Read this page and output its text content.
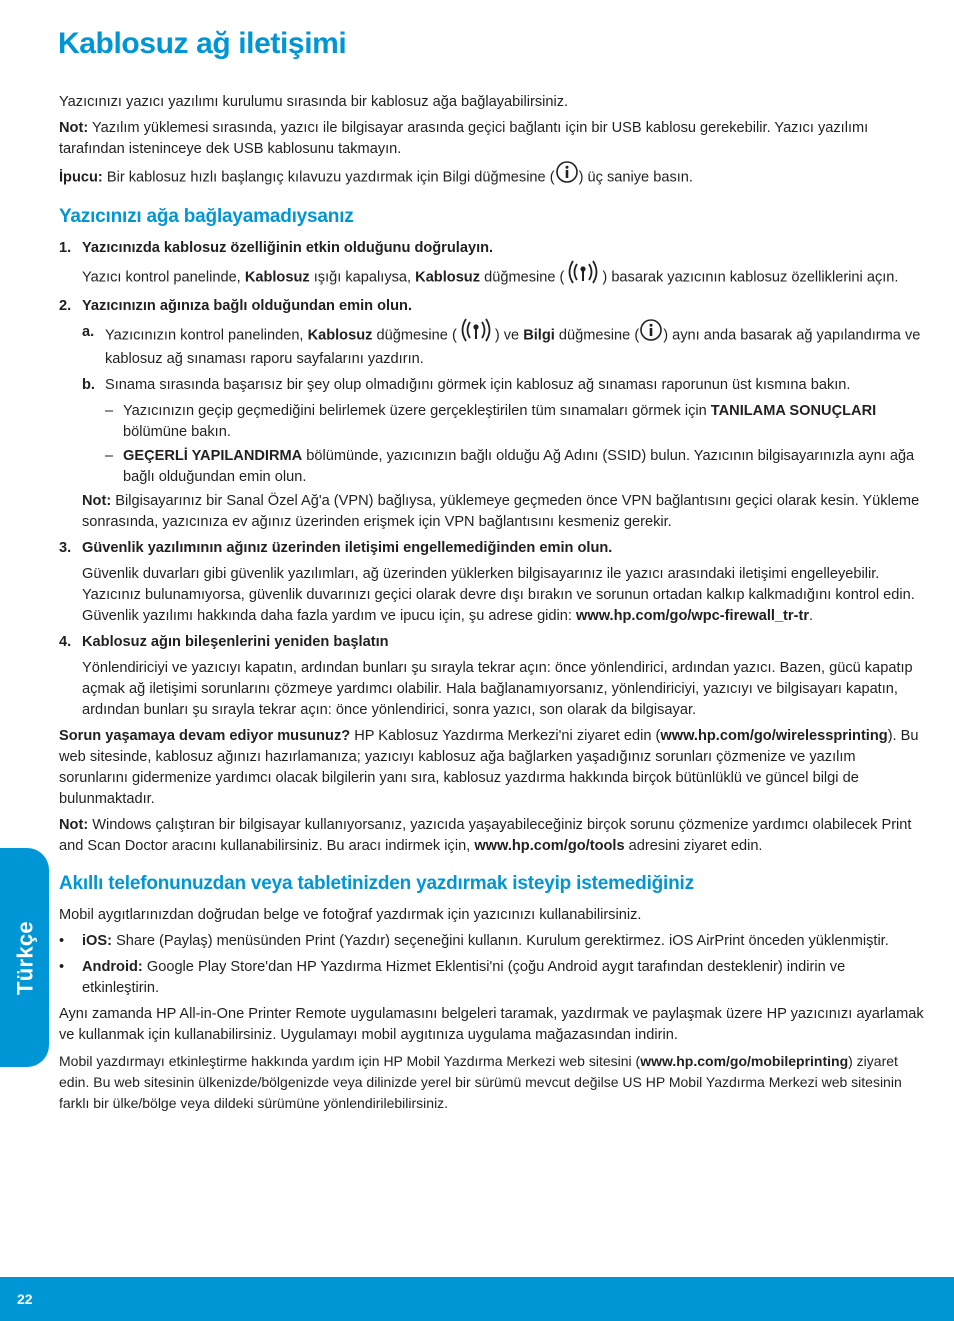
Kablosuz ağ iletişimi

Yazıcınızı yazıcı yazılımı kurulumu sırasında bir kablosuz ağa bağlayabilirsiniz.

Not: Yazılım yüklemesi sırasında, yazıcı ile bilgisayar arasında geçici bağlantı için bir USB kablosu gerekebilir. Yazıcı yazılımı tarafından isteninceye dek USB kablosunu takmayın.

İpucu: Bir kablosuz hızlı başlangıç kılavuzu yazdırmak için Bilgi düğmesine ( ) üç saniye basın.

Yazıcınızı ağa bağlayamadıysanız
1. Yazıcınızda kablosuz özelliğinin etkin olduğunu doğrulayın.

Yazıcı kontrol panelinde, Kablosuz ışığı kapalıysa, Kablosuz düğmesine (	) basarak yazıcının kablosuz özelliklerini açın.

2. Yazıcınızın ağınıza bağlı olduğundan emin olun.
a. Yazıcınızın kontrol panelinden, Kablosuz düğmesine (	) ve Bilgi düğmesine ( ) aynı anda basarak ağ yapılandırma ve kablosuz ağ sınaması raporu sayfalarını yazdırın.
b. Sınama sırasında başarısız bir şey olup olmadığını görmek için kablosuz ağ sınaması raporunun üst kısmına bakın.
– Yazıcınızın geçip geçmediğini belirlemek üzere gerçekleştirilen tüm sınamaları görmek için TANILAMA SONUÇLARI bölümüne bakın.
– GEÇERLİ YAPILANDIRMA bölümünde, yazıcınızın bağlı olduğu Ağ Adını (SSID) bulun. Yazıcının bilgisayarınızla aynı ağa bağlı olduğundan emin olun.

Not: Bilgisayarınız bir Sanal Özel Ağ'a (VPN) bağlıysa, yüklemeye geçmeden önce VPN bağlantısını geçici olarak kesin. Yükleme sonrasında, yazıcınıza ev ağınız üzerinden erişmek için VPN bağlantısını kesmeniz gerekir.

3. Güvenlik yazılımının ağınız üzerinden iletişimi engellemediğinden emin olun.

Güvenlik duvarları gibi güvenlik yazılımları, ağ üzerinden yüklerken bilgisayarınız ile yazıcı arasındaki iletişimi engelleyebilir. Yazıcınız bulunamıyorsa, güvenlik duvarınızı geçici olarak devre dışı bırakın ve sorunun ortadan kalkıp kalkmadığını kontrol edin. Güvenlik yazılımı hakkında daha fazla yardım ve ipucu için, şu adrese gidin: www.hp.com/go/wpc-firewall_tr-tr.

4. Kablosuz ağın bileşenlerini yeniden başlatın

Yönlendiriciyi ve yazıcıyı kapatın, ardından bunları şu sırayla tekrar açın: önce yönlendirici, ardından yazıcı. Bazen, gücü kapatıp açmak ağ iletişimi sorunlarını çözmeye yardımcı olabilir. Hala bağlanamıyorsanız, yönlendiriciyi, yazıcıyı ve bilgisayarı kapatın, ardından bunları şu sırayla tekrar açın: önce yönlendirici, sonra yazıcı, son olarak da bilgisayar.

Sorun yaşamaya devam ediyor musunuz? HP Kablosuz Yazdırma Merkezi'ni ziyaret edin (www.hp.com/go/wirelessprinting). Bu web sitesinde, kablosuz ağınızı hazırlamanıza; yazıcıyı kablosuz ağa bağlarken yaşadığınız sorunları çözmenize ve yazılım sorunlarını gidermenize yardımcı olacak bilgilerin yanı sıra, kablosuz yazdırma hakkında birçok bütünlüklü ve güncel bilgi de bulunmaktadır.

Not: Windows çalıştıran bir bilgisayar kullanıyorsanız, yazıcıda yaşayabileceğiniz birçok sorunu çözmenize yardımcı olabilecek Print and Scan Doctor aracını kullanabilirsiniz. Bu aracı indirmek için, www.hp.com/go/tools adresini ziyaret edin.

Akıllı telefonunuzdan veya tabletinizden yazdırmak isteyip istemediğiniz

Mobil aygıtlarınızdan doğrudan belge ve fotoğraf yazdırmak için yazıcınızı kullanabilirsiniz.

•	iOS: Share (Paylaş) menüsünden Print (Yazdır) seçeneğini kullanın. Kurulum gerektirmez. iOS AirPrint önceden yüklenmiştir.
•	Android: Google Play Store'dan HP Yazdırma Hizmet Eklentisi'ni (çoğu Android aygıt tarafından desteklenir) indirin ve etkinleştirin.

Aynı zamanda HP All-in-One Printer Remote uygulamasını belgeleri taramak, yazdırmak ve paylaşmak üzere HP yazıcınızı ayarlamak ve kullanmak için kullanabilirsiniz. Uygulamayı mobil aygıtınıza uygulama mağazasından indirin.

Mobil yazdırmayı etkinleştirme hakkında yardım için HP Mobil Yazdırma Merkezi web sitesini (www.hp.com/go/mobileprinting) ziyaret edin. Bu web sitesinin ülkenizde/bölgenizde veya dilinizde yerel bir sürümü mevcut değilse US HP Mobil Yazdırma Merkezi web sitesinin farklı bir ülke/bölge veya dildeki sürümüne yönlendirilebilirsiniz.

Türkçe
22
